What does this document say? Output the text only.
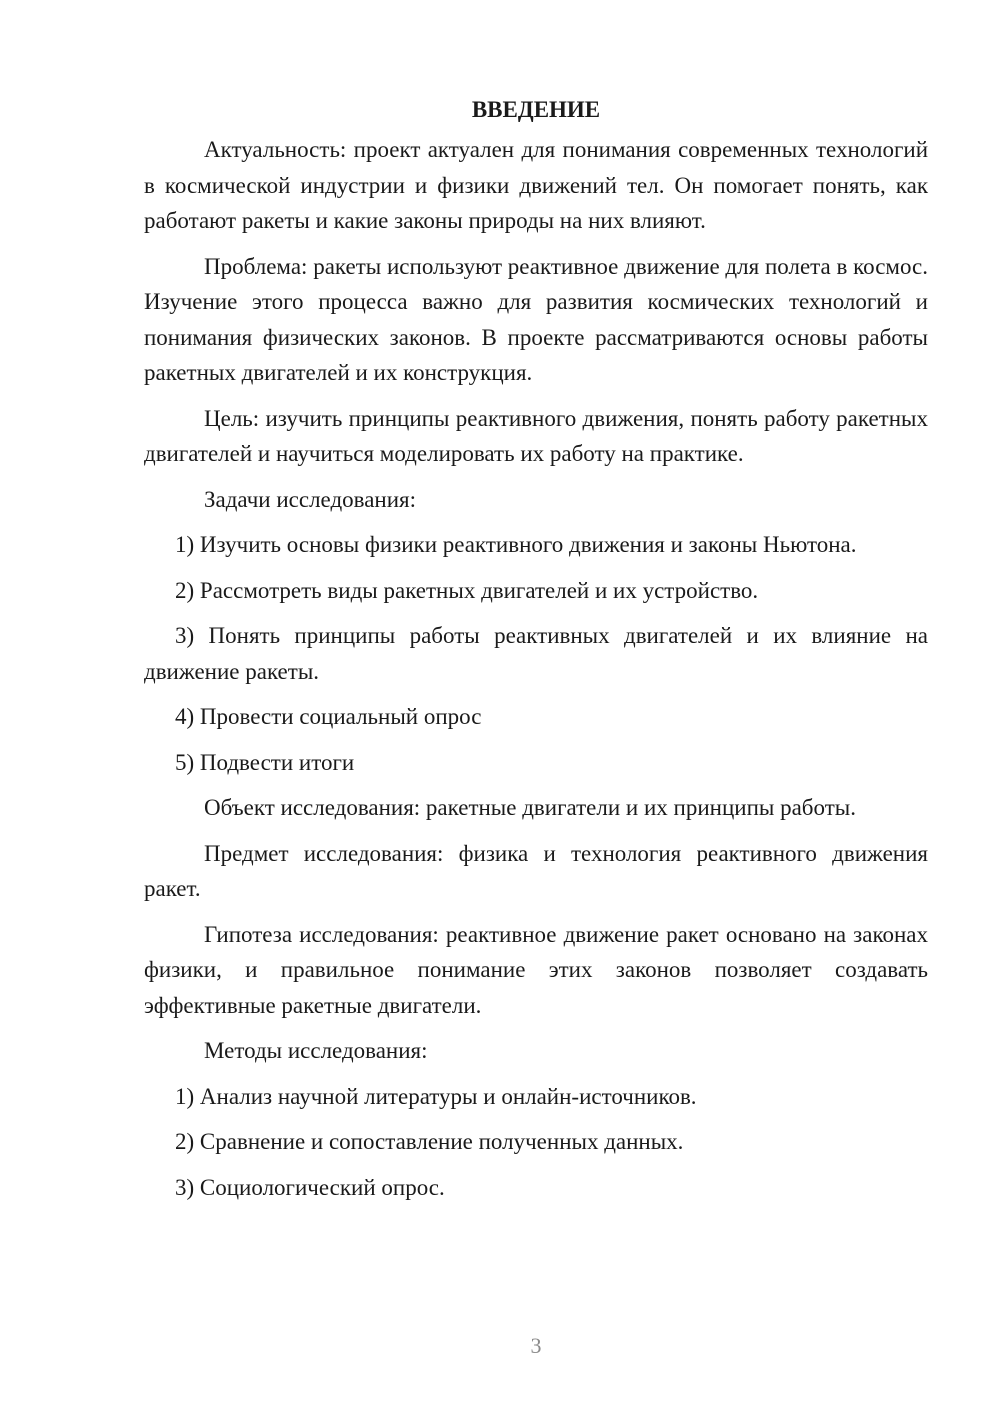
ВВЕДЕНИЕ

Актуальность: проект актуален для понимания современных технологий в космической индустрии и физики движений тел. Он помогает понять, как работают ракеты и какие законы природы на них влияют.

Проблема: ракеты используют реактивное движение для полета в космос. Изучение этого процесса важно для развития космических технологий и понимания физических законов. В проекте рассматриваются основы работы ракетных двигателей и их конструкция.

Цель: изучить принципы реактивного движения, понять работу ракетных двигателей и научиться моделировать их работу на практике.

Задачи исследования:

1) Изучить основы физики реактивного движения и законы Ньютона.

2) Рассмотреть виды ракетных двигателей и их устройство.

3) Понять принципы работы реактивных двигателей и их влияние на движение ракеты.

4) Провести социальный опрос

5) Подвести итоги

Объект исследования: ракетные двигатели и их принципы работы.

Предмет исследования: физика и технология реактивного движения ракет.

Гипотеза исследования: реактивное движение ракет основано на законах физики, и правильное понимание этих законов позволяет создавать эффективные ракетные двигатели.

Методы исследования:

1) Анализ научной литературы и онлайн-источников.

2) Сравнение и сопоставление полученных данных.

3) Социологический опрос.

3
